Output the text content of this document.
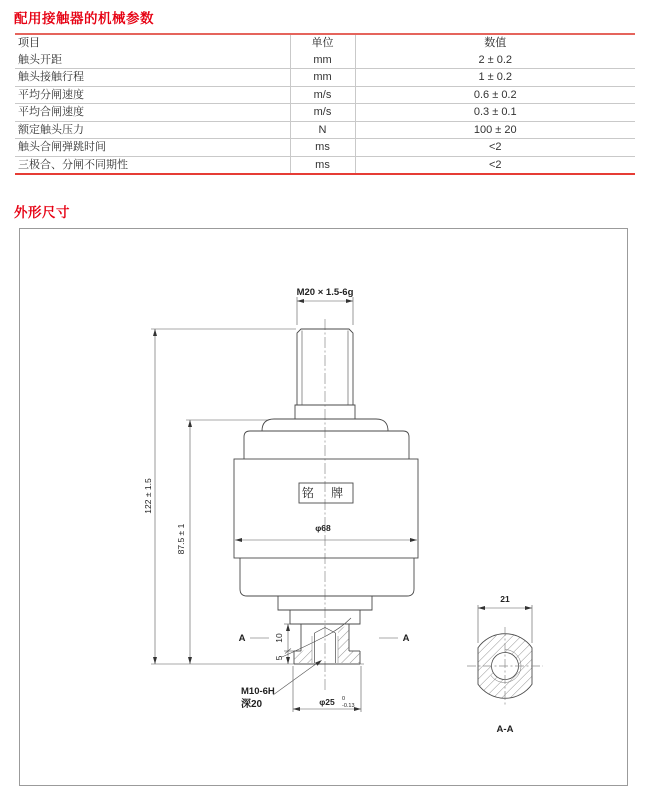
配用接触器的机械参数
项目	单位	数值
触头开距	mm	2 ± 0.2
触头接触行程	mm	1 ± 0.2
平均分闸速度	m/s	0.6 ± 0.2
平均合闸速度	m/s	0.3 ± 0.1
额定触头压力	N	100 ± 20
触头合闸弹跳时间	ms	<2
三极合、分闸不同期性	ms	<2
外形尺寸
M20 × 1.5-6g
122 ± 1.5
87.5 ± 1
铭 牌
φ68
A	A
10
5
M10-6H
深20	φ25 0
-0.13
21
A-A
